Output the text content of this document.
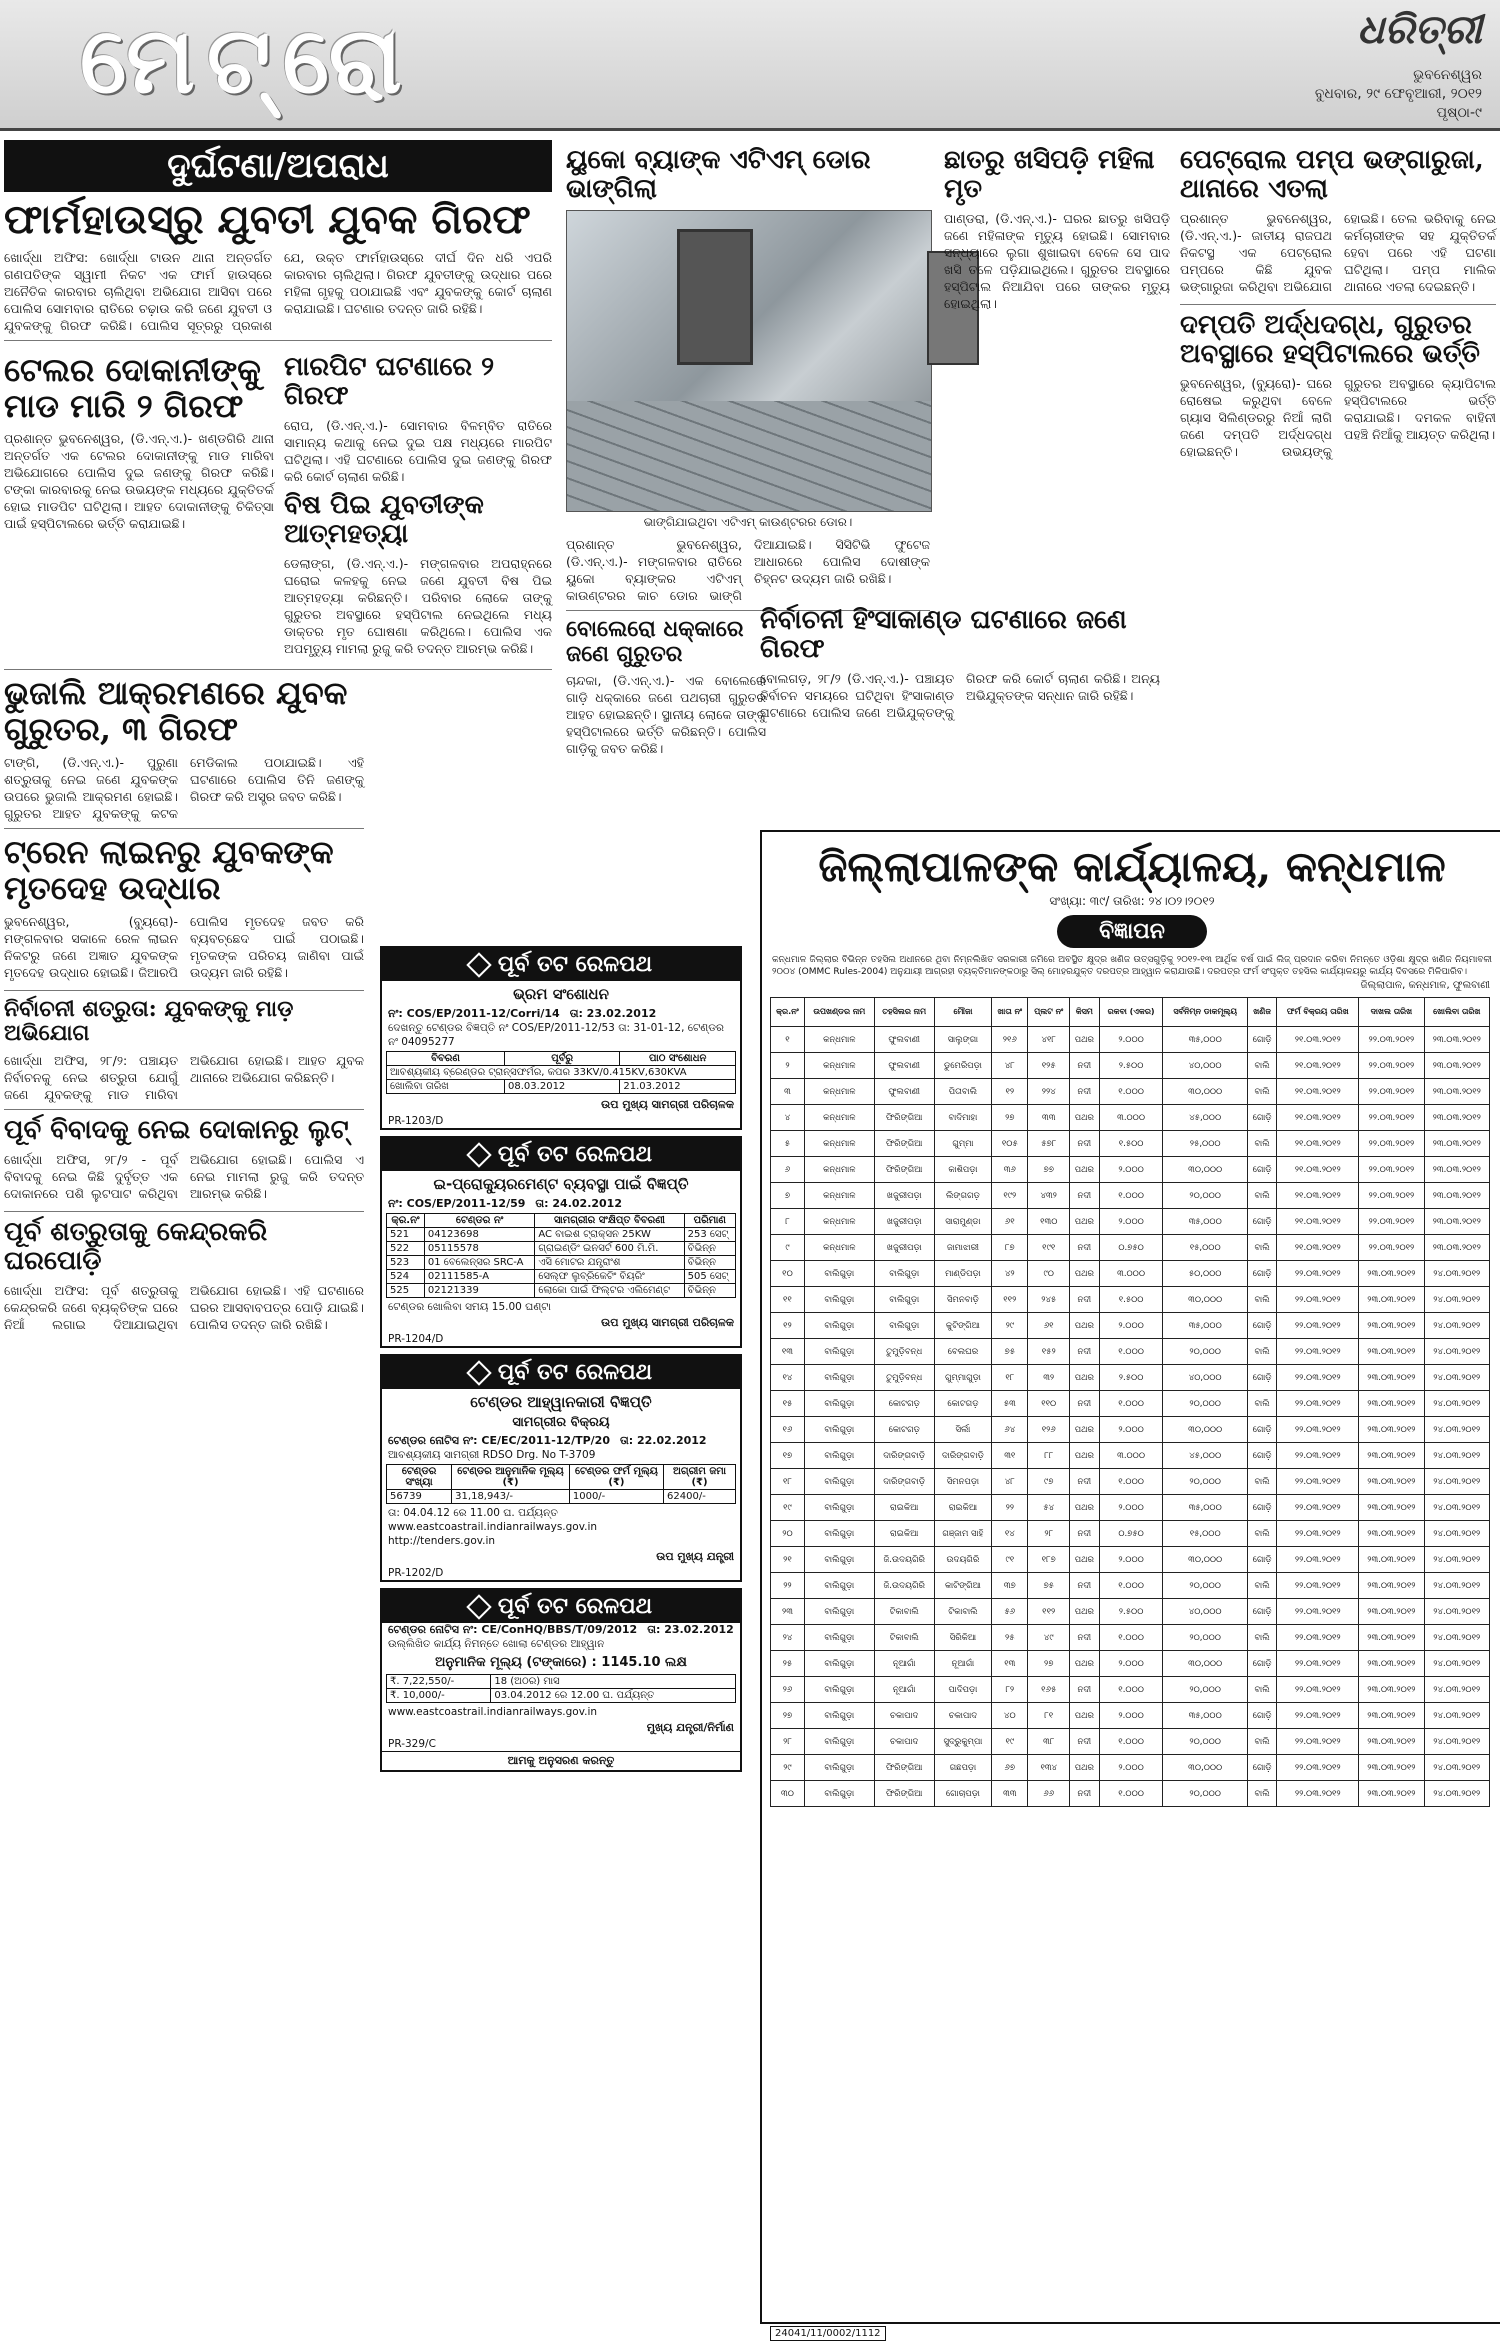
ମେଟ୍ରୋ	ଧରିତ୍ରୀ
ଭୁବନେଶ୍ୱର
ବୁଧବାର, ୨୯ ଫେବୃଆରୀ, ୨୦୧୨
ପୃଷ୍ଠା-୯
ଦୁର୍ଘଟଣା/ଅପରାଧ
ଫାର୍ମହାଉସ୍‌ରୁ ଯୁବତୀ ଯୁବକ ଗିରଫ

ଖୋର୍ଦ୍ଧା ଅଫିସ: ଖୋର୍ଦ୍ଧା ଟାଉନ ଥାନା ଅନ୍ତର୍ଗତ ଗଣପତିଙ୍କ ସ୍ୱାମୀ ନିକଟ ଏକ ଫାର୍ମ ହାଉସ୍‌ରେ ଅନୈତିକ କାରବାର ଚାଲିଥିବା ଅଭିଯୋଗ ଆସିବା ପରେ ପୋଲିସ ସୋମବାର ରାତିରେ ଚଢ଼ାଉ କରି ଜଣେ ଯୁବତୀ ଓ ଯୁବକଙ୍କୁ ଗିରଫ କରିଛି। ପୋଲିସ ସୂତ୍ରରୁ ପ୍ରକାଶ ଯେ, ଉକ୍ତ ଫାର୍ମହାଉସ୍‌ରେ ଦୀର୍ଘ ଦିନ ଧରି ଏପରି କାରବାର ଚାଲିଥିଲା। ଗିରଫ ଯୁବତୀଙ୍କୁ ଉଦ୍ଧାର ପରେ ମହିଳା ଗୃହକୁ ପଠାଯାଇଛି ଏବଂ ଯୁବକଙ୍କୁ କୋର୍ଟ ଚାଲାଣ କରାଯାଇଛି। ଘଟଣାର ତଦନ୍ତ ଜାରି ରହିଛି।

ଟେଲର ଦୋକାନୀଙ୍କୁ ମାଡ ମାରି ୨ ଗିରଫ

ପ୍ରଶାନ୍ତ ଭୁବନେଶ୍ୱର, (ଡି.ଏନ୍.ଏ.)- ଖଣ୍ଡଗିରି ଥାନା ଅନ୍ତର୍ଗତ ଏକ ଟେଲର ଦୋକାନୀଙ୍କୁ ମାଡ ମାରିବା ଅଭିଯୋଗରେ ପୋଲିସ ଦୁଇ ଜଣଙ୍କୁ ଗିରଫ କରିଛି। ଟଙ୍କା କାରବାରକୁ ନେଇ ଉଭୟଙ୍କ ମଧ୍ୟରେ ଯୁକ୍ତିତର୍କ ହୋଇ ମାଡପିଟ ଘଟିଥିଲା। ଆହତ ଦୋକାନୀଙ୍କୁ ଚିକିତ୍ସା ପାଇଁ ହସ୍ପିଟାଲରେ ଭର୍ତ୍ତି କରାଯାଇଛି।

ମାରପିଟ ଘଟଣାରେ ୨ ଗିରଫ

ରୋପ, (ଡି.ଏନ୍.ଏ.)- ସୋମବାର ବିଳମ୍ବିତ ରାତିରେ ସାମାନ୍ୟ କଥାକୁ ନେଇ ଦୁଇ ପକ୍ଷ ମଧ୍ୟରେ ମାରପିଟ ଘଟିଥିଲା। ଏହି ଘଟଣାରେ ପୋଲିସ ଦୁଇ ଜଣଙ୍କୁ ଗିରଫ କରି କୋର୍ଟ ଚାଲାଣ କରିଛି।

ବିଷ ପିଇ ଯୁବତୀଙ୍କ ଆତ୍ମହତ୍ୟା

ଡେଲାଙ୍ଗ, (ଡି.ଏନ୍.ଏ.)- ମଙ୍ଗଳବାର ଅପରାହ୍ନରେ ଘରୋଇ କଳହକୁ ନେଇ ଜଣେ ଯୁବତୀ ବିଷ ପିଇ ଆତ୍ମହତ୍ୟା କରିଛନ୍ତି। ପରିବାର ଲୋକେ ତାଙ୍କୁ ଗୁରୁତର ଅବସ୍ଥାରେ ହସ୍ପିଟାଲ ନେଇଥିଲେ ମଧ୍ୟ ଡାକ୍ତର ମୃତ ଘୋଷଣା କରିଥିଲେ। ପୋଲିସ ଏକ ଅପମୃତ୍ୟୁ ମାମଲା ରୁଜୁ କରି ତଦନ୍ତ ଆରମ୍ଭ କରିଛି।

ଭୁଜାଲି ଆକ୍ରମଣରେ ଯୁବକ ଗୁରୁତର, ୩ ଗିରଫ

ଟାଙ୍ଗି, (ଡି.ଏନ୍.ଏ.)- ପୁରୁଣା ଶତ୍ରୁତାକୁ ନେଇ ଜଣେ ଯୁବକଙ୍କ ଉପରେ ଭୁଜାଲି ଆକ୍ରମଣ ହୋଇଛି। ଗୁରୁତର ଆହତ ଯୁବକଙ୍କୁ କଟକ ମେଡିକାଲ ପଠାଯାଇଛି। ଏହି ଘଟଣାରେ ପୋଲିସ ତିନି ଜଣଙ୍କୁ ଗିରଫ କରି ଅସ୍ତ୍ର ଜବତ କରିଛି।

ଟ୍ରେନ ଲାଇନରୁ ଯୁବକଙ୍କ ମୃତଦେହ ଉଦ୍ଧାର

ଭୁବନେଶ୍ୱର, (ବ୍ୟୁରୋ)- ମଙ୍ଗଳବାର ସକାଳେ ରେଳ ଲାଇନ ନିକଟରୁ ଜଣେ ଅଜ୍ଞାତ ଯୁବକଙ୍କ ମୃତଦେହ ଉଦ୍ଧାର ହୋଇଛି। ଜିଆରପି ପୋଲିସ ମୃତଦେହ ଜବତ କରି ବ୍ୟବଚ୍ଛେଦ ପାଇଁ ପଠାଇଛି। ମୃତକଙ୍କ ପରିଚୟ ଜାଣିବା ପାଇଁ ଉଦ୍ୟମ ଜାରି ରହିଛି।

ନିର୍ବାଚନୀ ଶତ୍ରୁତା: ଯୁବକଙ୍କୁ ମାଡ଼ ଅଭିଯୋଗ

ଖୋର୍ଦ୍ଧା ଅଫିସ, ୨୮/୨: ପଞ୍ଚାୟତ ନିର୍ବାଚନକୁ ନେଇ ଶତ୍ରୁତା ଯୋଗୁଁ ଜଣେ ଯୁବକଙ୍କୁ ମାଡ ମାରିବା ଅଭିଯୋଗ ହୋଇଛି। ଆହତ ଯୁବକ ଥାନାରେ ଅଭିଯୋଗ କରିଛନ୍ତି।

ପୂର୍ବ ବିବାଦକୁ ନେଇ ଦୋକାନରୁ ଲୁଟ୍‌

ଖୋର୍ଦ୍ଧା ଅଫିସ, ୨୮/୨ - ପୂର୍ବ ବିବାଦକୁ ନେଇ କିଛି ଦୁର୍ବୃତ୍ତ ଏକ ଦୋକାନରେ ପଶି ଲୁଟପାଟ କରିଥିବା ଅଭିଯୋଗ ହୋଇଛି। ପୋଲିସ ଏ ନେଇ ମାମଲା ରୁଜୁ କରି ତଦନ୍ତ ଆରମ୍ଭ କରିଛି।

ପୂର୍ବ ଶତ୍ରୁତାକୁ କେନ୍ଦ୍ରକରି ଘରପୋଡ଼ି

ଖୋର୍ଦ୍ଧା ଅଫିସ: ପୂର୍ବ ଶତ୍ରୁତାକୁ କେନ୍ଦ୍ରକରି ଜଣେ ବ୍ୟକ୍ତିଙ୍କ ଘରେ ନିଆଁ ଲଗାଇ ଦିଆଯାଇଥିବା ଅଭିଯୋଗ ହୋଇଛି। ଏହି ଘଟଣାରେ ଘରର ଆସବାବପତ୍ର ପୋଡ଼ି ଯାଇଛି। ପୋଲିସ ତଦନ୍ତ ଜାରି ରଖିଛି।

ପୂର୍ବ ତଟ ରେଳପଥ
ଭ୍ରମ ସଂଶୋଧନ
ନଂ: COS/EP/2011-12/Corri/14 ତା: 23.02.2012
ଦେଖନ୍ତୁ ଟେଣ୍ଡର ବିଜ୍ଞପ୍ତି ନଂ COS/EP/2011-12/53 ତା: 31-01-12, ଟେଣ୍ଡର ନଂ 04095277
ବିବରଣ	ପୂର୍ବରୁ	ପାଠ ସଂଶୋଧନ
ଆବଶ୍ୟକୀୟ ବ୍ରେଣ୍ଡର ଟ୍ରାନ୍ସଫର୍ମର, କପର 33KV/0.415KV,630KVA		
ଖୋଲିବା ତାରିଖ	08.03.2012	21.03.2012
ଉପ ମୁଖ୍ୟ ସାମଗ୍ରୀ ପରିଚାଳକ
PR-1203/D
ପୂର୍ବ ତଟ ରେଳପଥ
ଇ-ପ୍ରୋକ୍ୟୁରମେଣ୍ଟ ବ୍ୟବସ୍ଥା ପାଇଁ ବିଜ୍ଞପ୍ତି
ନଂ: COS/EP/2011-12/59 ତା: 24.02.2012
କ୍ର.ନଂ	ଟେଣ୍ଡର ନଂ	ସାମଗ୍ରୀର ସଂକ୍ଷିପ୍ତ ବିବରଣୀ	ପରିମାଣ
521	04123698	AC ବାଇଶ ଟ୍ରାକ୍ସନ 25KW	253 ସେଟ୍
522	05115578	ଗ୍ରାଇଣ୍ଡିଂ ଇନସର୍ଟ 600 ମି.ମି.	ବିଭିନ୍ନ
523	01 ବେଲେନ୍ସର SRC-A	ଏସି ମୋଟର ଯନ୍ତ୍ରାଂଶ	ବିଭିନ୍ନ
524	02111585-A	ସେଲ୍ଫ ଲୁବ୍ରିକେଟିଂ ବିୟରିଂ	505 ସେଟ୍
525	02121339	ଲୋକୋ ପାଇଁ ଫିଲ୍ଟର ଏଲିମେଣ୍ଟ	ବିଭିନ୍ନ
ଟେଣ୍ଡର ଖୋଲିବା ସମୟ 15.00 ଘଣ୍ଟା
ଉପ ମୁଖ୍ୟ ସାମଗ୍ରୀ ପରିଚାଳକ
PR-1204/D
ପୂର୍ବ ତଟ ରେଳପଥ
ଟେଣ୍ଡର ଆହ୍ୱାନକାରୀ ବିଜ୍ଞପ୍ତି
ସାମଗ୍ରୀର ବିକ୍ରୟ
ଟେଣ୍ଡର ନୋଟିସ ନଂ: CE/EC/2011-12/TP/20 ତା: 22.02.2012
ଆବଶ୍ୟକୀୟ ସାମଗ୍ରୀ RDSO Drg. No T-3709
ଟେଣ୍ଡର ସଂଖ୍ୟା	ଟେଣ୍ଡର ଆନୁମାନିକ ମୂଲ୍ୟ (₹)	ଟେଣ୍ଡର ଫର୍ମ ମୂଲ୍ୟ (₹)	ଅଗ୍ରୀମ ଜମା (₹)
56739	31,18,943/-	1000/-	62400/-
ତା: 04.04.12 ରେ 11.00 ଘ. ପର୍ଯ୍ୟନ୍ତ
www.eastcoastrail.indianrailways.gov.in
http://tenders.gov.in
ଉପ ମୁଖ୍ୟ ଯନ୍ତ୍ରୀ
PR-1202/D
ପୂର୍ବ ତଟ ରେଳପଥ
ଟେଣ୍ଡର ନୋଟିସ ନଂ: CE/ConHQ/BBS/T/09/2012 ତା: 23.02.2012
ଉଲ୍ଲିଖିତ କାର୍ଯ୍ୟ ନିମନ୍ତେ ଖୋଲା ଟେଣ୍ଡର ଆହ୍ୱାନ
ଅନୁମାନିକ ମୂଲ୍ୟ (ଟଙ୍କାରେ) : 1145.10 ଲକ୍ଷ
₹. 7,22,550/-	18 (ଅଠର) ମାସ
₹. 10,000/-	03.04.2012 ରେ 12.00 ଘ. ପର୍ଯ୍ୟନ୍ତ
www.eastcoastrail.indianrailways.gov.in
ମୁଖ୍ୟ ଯନ୍ତ୍ରୀ/ନିର୍ମାଣ
PR-329/C
ଆମକୁ ଅନୁସରଣ କରନ୍ତୁ
ୟୁକୋ ବ୍ୟାଙ୍କ ଏଟିଏମ୍ ଡୋର ଭାଙ୍ଗିଲା
ଭାଙ୍ଗିଯାଇଥିବା ଏଟିଏମ୍ କାଉଣ୍ଟରର ଡୋର।

ପ୍ରଶାନ୍ତ ଭୁବନେଶ୍ୱର, (ଡି.ଏନ୍.ଏ.)- ମଙ୍ଗଳବାର ରାତିରେ ୟୁକୋ ବ୍ୟାଙ୍କର ଏଟିଏମ୍ କାଉଣ୍ଟରର କାଚ ଡୋର ଭାଙ୍ଗି ଦିଆଯାଇଛି। ସିସିଟିଭି ଫୁଟେଜ ଆଧାରରେ ପୋଲିସ ଦୋଷୀଙ୍କ ଚିହ୍ନଟ ଉଦ୍ୟମ ଜାରି ରଖିଛି।

ବୋଲେରୋ ଧକ୍କାରେ ଜଣେ ଗୁରୁତର

ଚାନ୍ଦକା, (ଡି.ଏନ୍.ଏ.)- ଏକ ବୋଲେରୋ ଗାଡ଼ି ଧକ୍କାରେ ଜଣେ ପଥଚାରୀ ଗୁରୁତର ଆହତ ହୋଇଛନ୍ତି। ସ୍ଥାନୀୟ ଲୋକେ ତାଙ୍କୁ ହସ୍ପିଟାଲରେ ଭର୍ତ୍ତି କରିଛନ୍ତି। ପୋଲିସ ଗାଡ଼ିକୁ ଜବତ କରିଛି।

ଛାତରୁ ଖସିପଡ଼ି ମହିଳା ମୃତ

ପାଣ୍ଡରା, (ଡି.ଏନ୍.ଏ.)- ଘରର ଛାତରୁ ଖସିପଡ଼ି ଜଣେ ମହିଳାଙ୍କ ମୃତ୍ୟୁ ହୋଇଛି। ସୋମବାର ସନ୍ଧ୍ୟାରେ ଲୁଗା ଶୁଖାଇବା ବେଳେ ସେ ପାଦ ଖସି ତଳେ ପଡ଼ିଯାଇଥିଲେ। ଗୁରୁତର ଅବସ୍ଥାରେ ହସ୍ପିଟାଲ ନିଆଯିବା ପରେ ତାଙ୍କର ମୃତ୍ୟୁ ହୋଇଥିଲା।

ନିର୍ବାଚନୀ ହିଂସାକାଣ୍ଡ ଘଟଣାରେ ଜଣେ ଗିରଫ

ବୋଲଗଡ଼, ୨୮/୨ (ଡି.ଏନ୍.ଏ.)- ପଞ୍ଚାୟତ ନିର୍ବାଚନ ସମୟରେ ଘଟିଥିବା ହିଂସାକାଣ୍ଡ ଘଟଣାରେ ପୋଲିସ ଜଣେ ଅଭିଯୁକ୍ତଙ୍କୁ ଗିରଫ କରି କୋର୍ଟ ଚାଲାଣ କରିଛି। ଅନ୍ୟ ଅଭିଯୁକ୍ତଙ୍କ ସନ୍ଧାନ ଜାରି ରହିଛି।

ପେଟ୍ରୋଲ ପମ୍ପ ଭଙ୍ଗାରୁଜା, ଥାନାରେ ଏତଲା

ପ୍ରଶାନ୍ତ ଭୁବନେଶ୍ୱର, (ଡି.ଏନ୍.ଏ.)- ଜାତୀୟ ରାଜପଥ ନିକଟସ୍ଥ ଏକ ପେଟ୍ରୋଲ ପମ୍ପରେ କିଛି ଯୁବକ ଭଙ୍ଗାରୁଜା କରିଥିବା ଅଭିଯୋଗ ହୋଇଛି। ତେଲ ଭରିବାକୁ ନେଇ କର୍ମଚାରୀଙ୍କ ସହ ଯୁକ୍ତିତର୍କ ହେବା ପରେ ଏହି ଘଟଣା ଘଟିଥିଲା। ପମ୍ପ ମାଲିକ ଥାନାରେ ଏତଲା ଦେଇଛନ୍ତି।

ଦମ୍ପତି ଅର୍ଦ୍ଧଦଗ୍ଧ, ଗୁରୁତର ଅବସ୍ଥାରେ ହସ୍ପିଟାଲରେ ଭର୍ତ୍ତି

ଭୁବନେଶ୍ୱର, (ବ୍ୟୁରୋ)- ଘରେ ରୋଷେଇ କରୁଥିବା ବେଳେ ଗ୍ୟାସ ସିଲିଣ୍ଡରରୁ ନିଆଁ ଲାଗି ଜଣେ ଦମ୍ପତି ଅର୍ଦ୍ଧଦଗ୍ଧ ହୋଇଛନ୍ତି। ଉଭୟଙ୍କୁ ଗୁରୁତର ଅବସ୍ଥାରେ କ୍ୟାପିଟାଲ ହସ୍ପିଟାଲରେ ଭର୍ତ୍ତି କରାଯାଇଛି। ଦମକଳ ବାହିନୀ ପହଞ୍ଚି ନିଆଁକୁ ଆୟତ୍ତ କରିଥିଲା।

ଜିଲ୍ଲାପାଳଙ୍କ କାର୍ଯ୍ୟାଳୟ, କନ୍ଧମାଳ
ସଂଖ୍ୟା: ୩୯/ ତାରିଖ: ୨୪।୦୨।୨୦୧୨
ବିଜ୍ଞାପନ
କନ୍ଧମାଳ ଜିଲ୍ଲାର ବିଭିନ୍ନ ତହସିଲ ଅଧୀନରେ ଥିବା ନିମ୍ନଲିଖିତ ସରକାରୀ ଜମିରେ ଅବସ୍ଥିତ କ୍ଷୁଦ୍ର ଖଣିଜ ଉତ୍ସଗୁଡ଼ିକୁ ୨୦୧୨-୧୩ ଆର୍ଥିକ ବର୍ଷ ପାଇଁ ଲିଜ୍ ପ୍ରଦାନ କରିବା ନିମନ୍ତେ ଓଡ଼ିଶା କ୍ଷୁଦ୍ର ଖଣିଜ ନିୟମାବଳୀ ୨୦୦୪ (OMMC Rules-2004) ଅନୁଯାୟୀ ଆଗ୍ରହୀ ବ୍ୟକ୍ତିମାନଙ୍କଠାରୁ ସିଲ୍‌ ମୋହରଯୁକ୍ତ ଦରପତ୍ର ଆହ୍ୱାନ କରାଯାଉଛି। ଦରପତ୍ର ଫର୍ମ ସଂପୃକ୍ତ ତହସିଲ କାର୍ଯ୍ୟାଳୟରୁ କାର୍ଯ୍ୟ ଦିବସରେ ମିଳିପାରିବ।
ଜିଲ୍ଲାପାଳ, କନ୍ଧମାଳ, ଫୁଲବାଣୀ
କ୍ର.ନଂ	ଉପଖଣ୍ଡର ନାମ	ତହସିଲର ନାମ	ମୌଜା	ଖାତା ନଂ	ପ୍ଲଟ ନଂ	କିସମ	ରକବା (ଏକର)	ସର୍ବନିମ୍ନ ଡାକମୂଲ୍ୟ	ଖଣିଜ	ଫର୍ମ ବିକ୍ରୟ ତାରିଖ	ଦାଖଲ ତାରିଖ	ଖୋଲିବା ତାରିଖ
୧	କନ୍ଧମାଳ	ଫୁଲବାଣୀ	ସାଲୁଙ୍ଗା	୨୧୬	୪୧୮	ପଥର	୨.୦୦୦	୩୫,୦୦୦	ଗୋଡ଼ି	୨୧.୦୩.୨୦୧୨	୨୨.୦୩.୨୦୧୨	୨୩.୦୩.୨୦୧୨
୨	କନ୍ଧମାଳ	ଫୁଲବାଣୀ	ଡୁମେରିପଡ଼ା	୪୮	୧୨୫	ନଦୀ	୨.୫୦୦	୪୦,୦୦୦	ବାଲି	୨୧.୦୩.୨୦୧୨	୨୨.୦୩.୨୦୧୨	୨୩.୦୩.୨୦୧୨
୩	କନ୍ଧମାଳ	ଫୁଲବାଣୀ	ପିତାବାଲି	୧୨	୨୨୪	ନଦୀ	୧.୦୦୦	୩୦,୦୦୦	ବାଲି	୨୧.୦୩.୨୦୧୨	୨୨.୦୩.୨୦୧୨	୨୩.୦୩.୨୦୧୨
୪	କନ୍ଧମାଳ	ଫିରିଙ୍ଗିଆ	ବାଦିମାହା	୨୭	୩୩	ପଥର	୩.୦୦୦	୪୫,୦୦୦	ଗୋଡ଼ି	୨୧.୦୩.୨୦୧୨	୨୨.୦୩.୨୦୧୨	୨୩.୦୩.୨୦୧୨
୫	କନ୍ଧମାଳ	ଫିରିଙ୍ଗିଆ	ଗୁମ୍ମା	୧୦୫	୫୭୮	ନଦୀ	୧.୫୦୦	୨୫,୦୦୦	ବାଲି	୨୧.୦୩.୨୦୧୨	୨୨.୦୩.୨୦୧୨	୨୩.୦୩.୨୦୧୨
୬	କନ୍ଧମାଳ	ଫିରିଙ୍ଗିଆ	କାଶିପଡ଼ା	୩୬	୭୭	ପଥର	୨.୦୦୦	୩୦,୦୦୦	ଗୋଡ଼ି	୨୧.୦୩.୨୦୧୨	୨୨.୦୩.୨୦୧୨	୨୩.୦୩.୨୦୧୨
୭	କନ୍ଧମାଳ	ଖଜୁରୀପଡ଼ା	ଲିଙ୍ଗଗଡ଼	୧୯୨	୪୩୨	ନଦୀ	୧.୦୦୦	୨୦,୦୦୦	ବାଲି	୨୧.୦୩.୨୦୧୨	୨୨.୦୩.୨୦୧୨	୨୩.୦୩.୨୦୧୨
୮	କନ୍ଧମାଳ	ଖଜୁରୀପଡ଼ା	ସାରାମୁଣ୍ଡା	୬୧	୧୩୦	ପଥର	୨.୦୦୦	୩୫,୦୦୦	ଗୋଡ଼ି	୨୧.୦୩.୨୦୧୨	୨୨.୦୩.୨୦୧୨	୨୩.୦୩.୨୦୧୨
୯	କନ୍ଧମାଳ	ଖଜୁରୀପଡ଼ା	ଜାମାଝାରୀ	୮୭	୧୯୧	ନଦୀ	୦.୭୫୦	୧୫,୦୦୦	ବାଲି	୨୧.୦୩.୨୦୧୨	୨୨.୦୩.୨୦୧୨	୨୩.୦୩.୨୦୧୨
୧୦	ବାଲିଗୁଡ଼ା	ବାଲିଗୁଡ଼ା	ମାଣ୍ଡିପଡ଼ା	୪୨	୯୦	ପଥର	୩.୦୦୦	୫୦,୦୦୦	ଗୋଡ଼ି	୨୨.୦୩.୨୦୧୨	୨୩.୦୩.୨୦୧୨	୨୪.୦୩.୨୦୧୨
୧୧	ବାଲିଗୁଡ଼ା	ବାଲିଗୁଡ଼ା	ସିମନବାଡ଼ି	୧୧୨	୨୪୫	ନଦୀ	୧.୫୦୦	୩୦,୦୦୦	ବାଲି	୨୨.୦୩.୨୦୧୨	୨୩.୦୩.୨୦୧୨	୨୪.୦୩.୨୦୧୨
୧୨	ବାଲିଗୁଡ଼ା	ବାଲିଗୁଡ଼ା	କୁଟିଙ୍ଗିଆ	୨୯	୬୧	ପଥର	୨.୦୦୦	୩୫,୦୦୦	ଗୋଡ଼ି	୨୨.୦୩.୨୦୧୨	୨୩.୦୩.୨୦୧୨	୨୪.୦୩.୨୦୧୨
୧୩	ବାଲିଗୁଡ଼ା	ତୁମୁଡ଼ିବନ୍ଧ	ବେଲଘର	୭୫	୧୫୨	ନଦୀ	୧.୦୦୦	୨୦,୦୦୦	ବାଲି	୨୨.୦୩.୨୦୧୨	୨୩.୦୩.୨୦୧୨	୨୪.୦୩.୨୦୧୨
୧୪	ବାଲିଗୁଡ଼ା	ତୁମୁଡ଼ିବନ୍ଧ	ଗୁମ୍ମାଗୁଡ଼ା	୧୮	୩୨	ପଥର	୨.୫୦୦	୪୦,୦୦୦	ଗୋଡ଼ି	୨୨.୦୩.୨୦୧୨	୨୩.୦୩.୨୦୧୨	୨୪.୦୩.୨୦୧୨
୧୫	ବାଲିଗୁଡ଼ା	କୋଟଗଡ଼	କୋଟଗଡ଼	୫୩	୧୧୦	ନଦୀ	୧.୦୦୦	୨୦,୦୦୦	ବାଲି	୨୨.୦୩.୨୦୧୨	୨୩.୦୩.୨୦୧୨	୨୪.୦୩.୨୦୧୨
୧୬	ବାଲିଗୁଡ଼ା	କୋଟଗଡ଼	ସିର୍ଲା	୬୪	୧୨୬	ପଥର	୨.୦୦୦	୩୦,୦୦୦	ଗୋଡ଼ି	୨୨.୦୩.୨୦୧୨	୨୩.୦୩.୨୦୧୨	୨୪.୦୩.୨୦୧୨
୧୭	ବାଲିଗୁଡ଼ା	ଦାରିଙ୍ଗବାଡ଼ି	ଦାରିଙ୍ଗବାଡ଼ି	୩୧	୮୮	ପଥର	୩.୦୦୦	୪୫,୦୦୦	ଗୋଡ଼ି	୨୨.୦୩.୨୦୧୨	୨୩.୦୩.୨୦୧୨	୨୪.୦୩.୨୦୧୨
୧୮	ବାଲିଗୁଡ଼ା	ଦାରିଙ୍ଗବାଡ଼ି	ସିମନପଡ଼ା	୪୮	୯୭	ନଦୀ	୧.୦୦୦	୨୦,୦୦୦	ବାଲି	୨୨.୦୩.୨୦୧୨	୨୩.୦୩.୨୦୧୨	୨୪.୦୩.୨୦୧୨
୧୯	ବାଲିଗୁଡ଼ା	ରାଇକିଆ	ରାଇକିଆ	୨୨	୫୪	ପଥର	୨.୦୦୦	୩୫,୦୦୦	ଗୋଡ଼ି	୨୨.୦୩.୨୦୧୨	୨୩.୦୩.୨୦୧୨	୨୪.୦୩.୨୦୧୨
୨୦	ବାଲିଗୁଡ଼ା	ରାଇକିଆ	ଗଞ୍ଜାମ ସାହି	୧୪	୨୮	ନଦୀ	୦.୭୫୦	୧୫,୦୦୦	ବାଲି	୨୨.୦୩.୨୦୧୨	୨୩.୦୩.୨୦୧୨	୨୪.୦୩.୨୦୧୨
୨୧	ବାଲିଗୁଡ଼ା	ଜି.ଉଦୟଗିରି	ଉଦୟଗିରି	୯୧	୧୮୭	ପଥର	୨.୦୦୦	୩୦,୦୦୦	ଗୋଡ଼ି	୨୨.୦୩.୨୦୧୨	୨୩.୦୩.୨୦୧୨	୨୪.୦୩.୨୦୧୨
୨୨	ବାଲିଗୁଡ଼ା	ଜି.ଉଦୟଗିରି	କାଟିଙ୍ଗିଆ	୩୭	୭୫	ନଦୀ	୧.୦୦୦	୨୦,୦୦୦	ବାଲି	୨୨.୦୩.୨୦୧୨	୨୩.୦୩.୨୦୧୨	୨୪.୦୩.୨୦୧୨
୨୩	ବାଲିଗୁଡ଼ା	ଟିକାବାଲି	ଟିକାବାଲି	୫୬	୧୧୨	ପଥର	୨.୫୦୦	୪୦,୦୦୦	ଗୋଡ଼ି	୨୨.୦୩.୨୦୧୨	୨୩.୦୩.୨୦୧୨	୨୪.୦୩.୨୦୧୨
୨୪	ବାଲିଗୁଡ଼ା	ଟିକାବାଲି	ସିରିକିଆ	୨୫	୪୯	ନଦୀ	୧.୦୦୦	୨୦,୦୦୦	ବାଲି	୨୨.୦୩.୨୦୧୨	୨୩.୦୩.୨୦୧୨	୨୪.୦୩.୨୦୧୨
୨୫	ବାଲିଗୁଡ଼ା	ନୂଆଗାଁ	ନୂଆଗାଁ	୧୩	୨୭	ପଥର	୨.୦୦୦	୩୦,୦୦୦	ଗୋଡ଼ି	୨୨.୦୩.୨୦୧୨	୨୩.୦୩.୨୦୧୨	୨୪.୦୩.୨୦୧୨
୨୬	ବାଲିଗୁଡ଼ା	ନୂଆଗାଁ	ପାଦିପଡ଼ା	୮୨	୧୬୫	ନଦୀ	୧.୦୦୦	୨୦,୦୦୦	ବାଲି	୨୨.୦୩.୨୦୧୨	୨୩.୦୩.୨୦୧୨	୨୪.୦୩.୨୦୧୨
୨୭	ବାଲିଗୁଡ଼ା	ଚକାପାଦ	ଚକାପାଦ	୪୦	୮୧	ପଥର	୨.୦୦୦	୩୫,୦୦୦	ଗୋଡ଼ି	୨୨.୦୩.୨୦୧୨	୨୩.୦୩.୨୦୧୨	୨୪.୦୩.୨୦୧୨
୨୮	ବାଲିଗୁଡ଼ା	ଚକାପାଦ	ସୁଦ୍ରୁକୁମ୍ପା	୧୯	୩୮	ନଦୀ	୧.୦୦୦	୨୦,୦୦୦	ବାଲି	୨୨.୦୩.୨୦୧୨	୨୩.୦୩.୨୦୧୨	୨୪.୦୩.୨୦୧୨
୨୯	ବାଲିଗୁଡ଼ା	ଫିରିଙ୍ଗିଆ	ଗଛପଡ଼ା	୬୭	୧୩୪	ପଥର	୨.୦୦୦	୩୦,୦୦୦	ଗୋଡ଼ି	୨୨.୦୩.୨୦୧୨	୨୩.୦୩.୨୦୧୨	୨୪.୦୩.୨୦୧୨
୩୦	ବାଲିଗୁଡ଼ା	ଫିରିଙ୍ଗିଆ	ଗୋଚାପଡ଼ା	୩୩	୬୬	ନଦୀ	୧.୦୦୦	୨୦,୦୦୦	ବାଲି	୨୨.୦୩.୨୦୧୨	୨୩.୦୩.୨୦୧୨	୨୪.୦୩.୨୦୧୨
24041/11/0002/1112
